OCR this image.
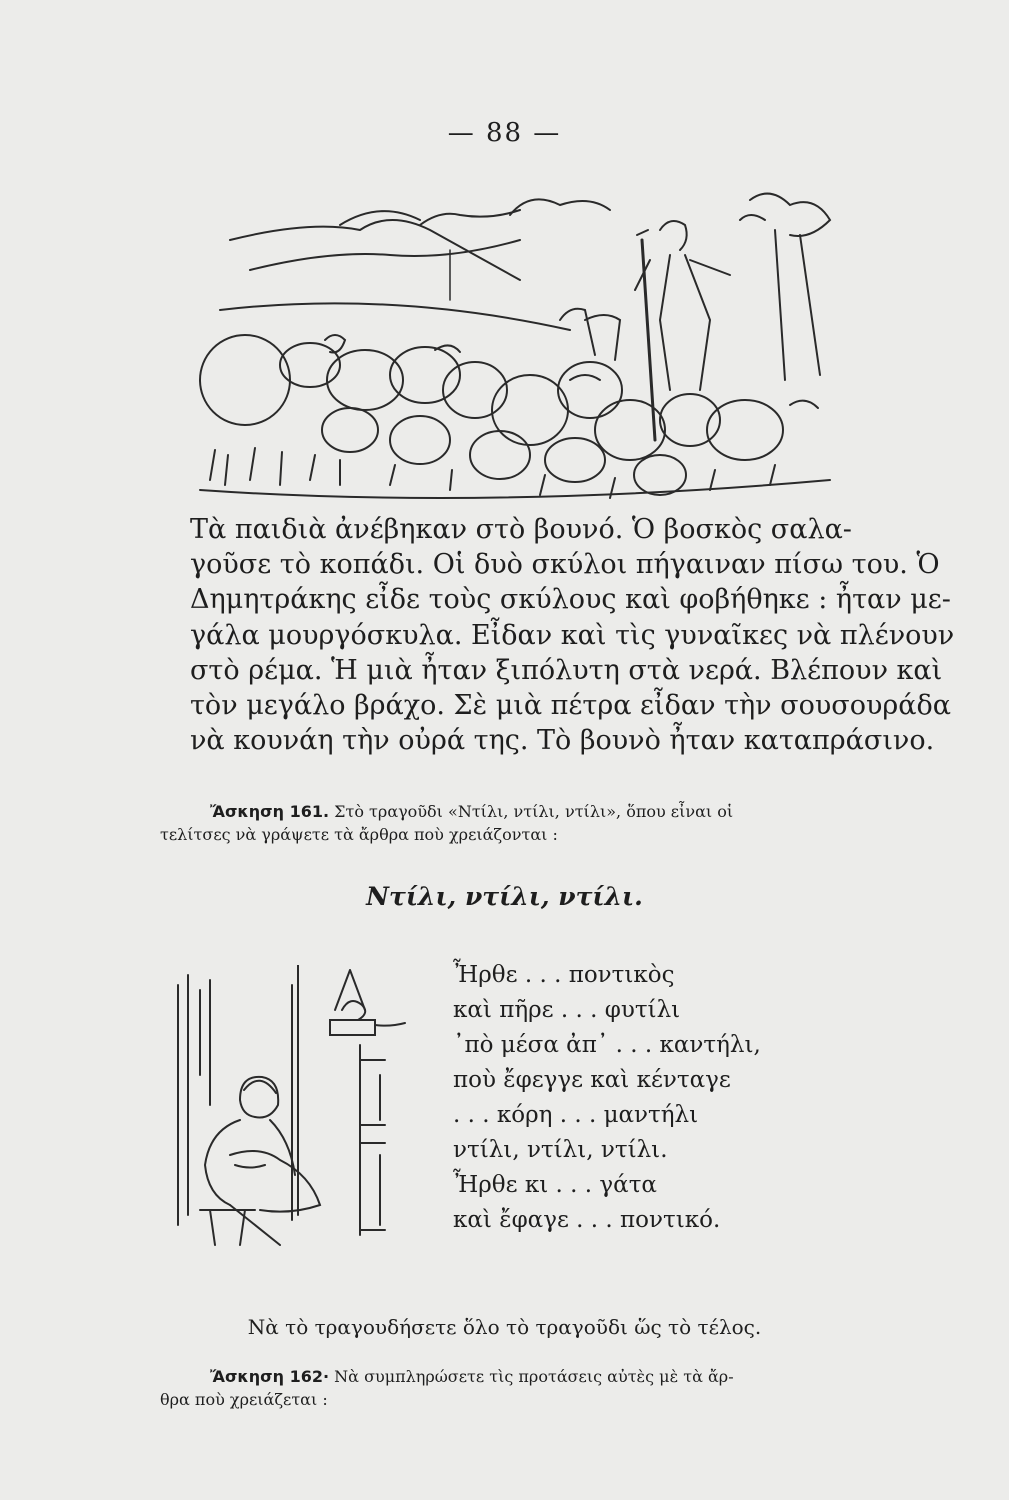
— 88 —
Τὰ παιδιὰ ἀνέβηκαν στὸ βουνό. Ὁ βοσκὸς σαλα-
γοῦσε τὸ κοπάδι. Οἱ δυὸ σκύλοι πήγαιναν πίσω του. Ὁ
Δημητράκης εἶδε τοὺς σκύλους καὶ φοβήθηκε : ἦταν με-
γάλα μουργόσκυλα. Εἶδαν καὶ τὶς γυναῖκες νὰ πλένουν
στὸ ρέμα. Ἡ μιὰ ἦταν ξιπόλυτη στὰ νερά. Βλέπουν καὶ
τὸν μεγάλο βράχο. Σὲ μιὰ πέτρα εἶδαν τὴν σουσουράδα
νὰ κουνάη τὴν οὐρά της. Τὸ βουνὸ ἦταν καταπράσινο.
Ἄσκηση 161. Στὸ τραγοῦδι «Ντίλι, ντίλι, ντίλι», ὅπου εἶναι οἱ
τελίτσες νὰ γράψετε τὰ ἄρθρα ποὺ χρειάζονται :
Ντίλι, ντίλι, ντίλι.
Ἦρθε . . . ποντικὸς
καὶ πῆρε . . . φυτίλι
᾿πὸ μέσα ἀπ᾿ . . . καντήλι,
ποὺ ἔφεγγε καὶ κένταγε
. . . κόρη . . . μαντήλι
ντίλι, ντίλι, ντίλι.
Ἦρθε κι . . . γάτα
καὶ ἔφαγε . . . ποντικό.
Νὰ τὸ τραγουδήσετε ὅλο τὸ τραγοῦδι ὥς τὸ τέλος.
Ἄσκηση 162· Νὰ συμπληρώσετε τὶς προτάσεις αὐτὲς μὲ τὰ ἄρ-
θρα ποὺ χρειάζεται :
